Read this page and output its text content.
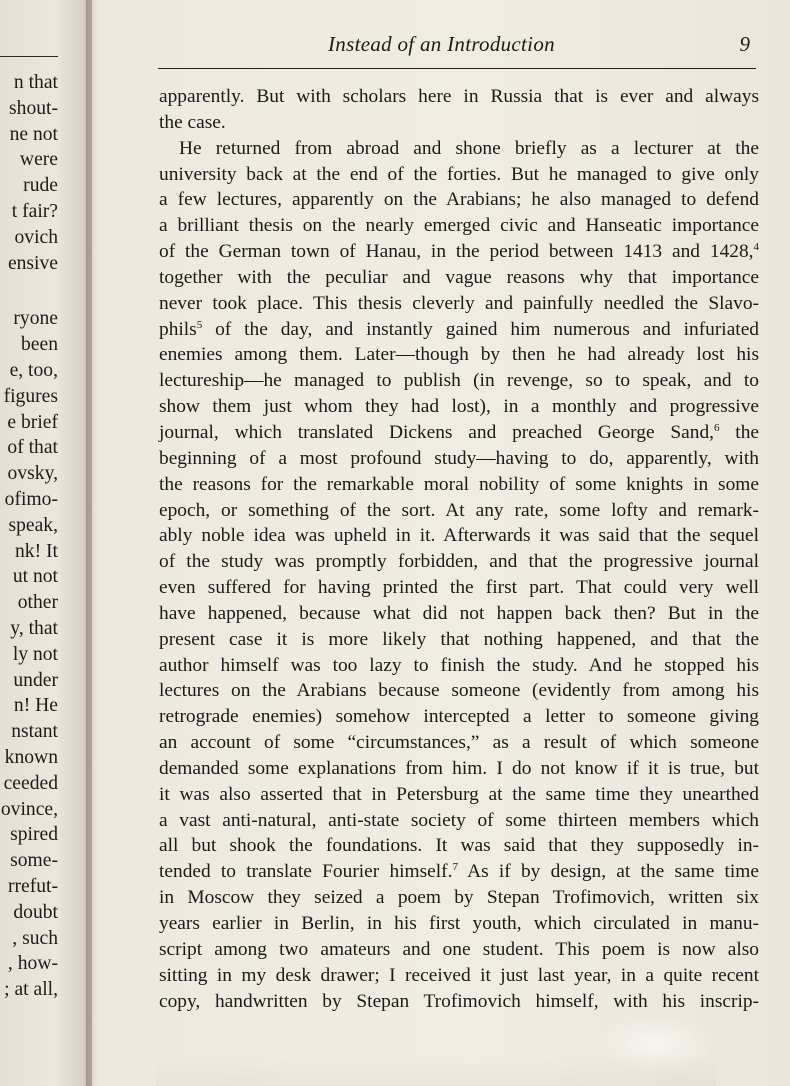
n that
shout-
ne not
were
rude
t fair?
ovich
ensive
ryone
been
e, too,
figures
e brief
of that
ovsky,
ofimo-
speak,
nk! It
ut not
other
y, that
ly not
under
n! He
nstant
known
ceeded
ovince,
spired
some-
rrefut-
doubt
, such
, how-
; at all,
Instead of an Introduction	9
apparently. But with scholars here in Russia that is ever and always
the case.
He returned from abroad and shone briefly as a lecturer at the
university back at the end of the forties. But he managed to give only
a few lectures, apparently on the Arabians; he also managed to defend
a brilliant thesis on the nearly emerged civic and Hanseatic importance
of the German town of Hanau, in the period between 1413 and 1428,$^4$
together with the peculiar and vague reasons why that importance
never took place. This thesis cleverly and painfully needled the Slavo-
phils$^5$ of the day, and instantly gained him numerous and infuriated
enemies among them. Later—though by then he had already lost his
lectureship—he managed to publish (in revenge, so to speak, and to
show them just whom they had lost), in a monthly and progressive
journal, which translated Dickens and preached George Sand,$^6$ the
beginning of a most profound study—having to do, apparently, with
the reasons for the remarkable moral nobility of some knights in some
epoch, or something of the sort. At any rate, some lofty and remark-
ably noble idea was upheld in it. Afterwards it was said that the sequel
of the study was promptly forbidden, and that the progressive journal
even suffered for having printed the first part. That could very well
have happened, because what did not happen back then? But in the
present case it is more likely that nothing happened, and that the
author himself was too lazy to finish the study. And he stopped his
lectures on the Arabians because someone (evidently from among his
retrograde enemies) somehow intercepted a letter to someone giving
an account of some “circumstances,” as a result of which someone
demanded some explanations from him. I do not know if it is true, but
it was also asserted that in Petersburg at the same time they unearthed
a vast anti-natural, anti-state society of some thirteen members which
all but shook the foundations. It was said that they supposedly in-
tended to translate Fourier himself.$^7$ As if by design, at the same time
in Moscow they seized a poem by Stepan Trofimovich, written six
years earlier in Berlin, in his first youth, which circulated in manu-
script among two amateurs and one student. This poem is now also
sitting in my desk drawer; I received it just last year, in a quite recent
copy, handwritten by Stepan Trofimovich himself, with his inscrip-
